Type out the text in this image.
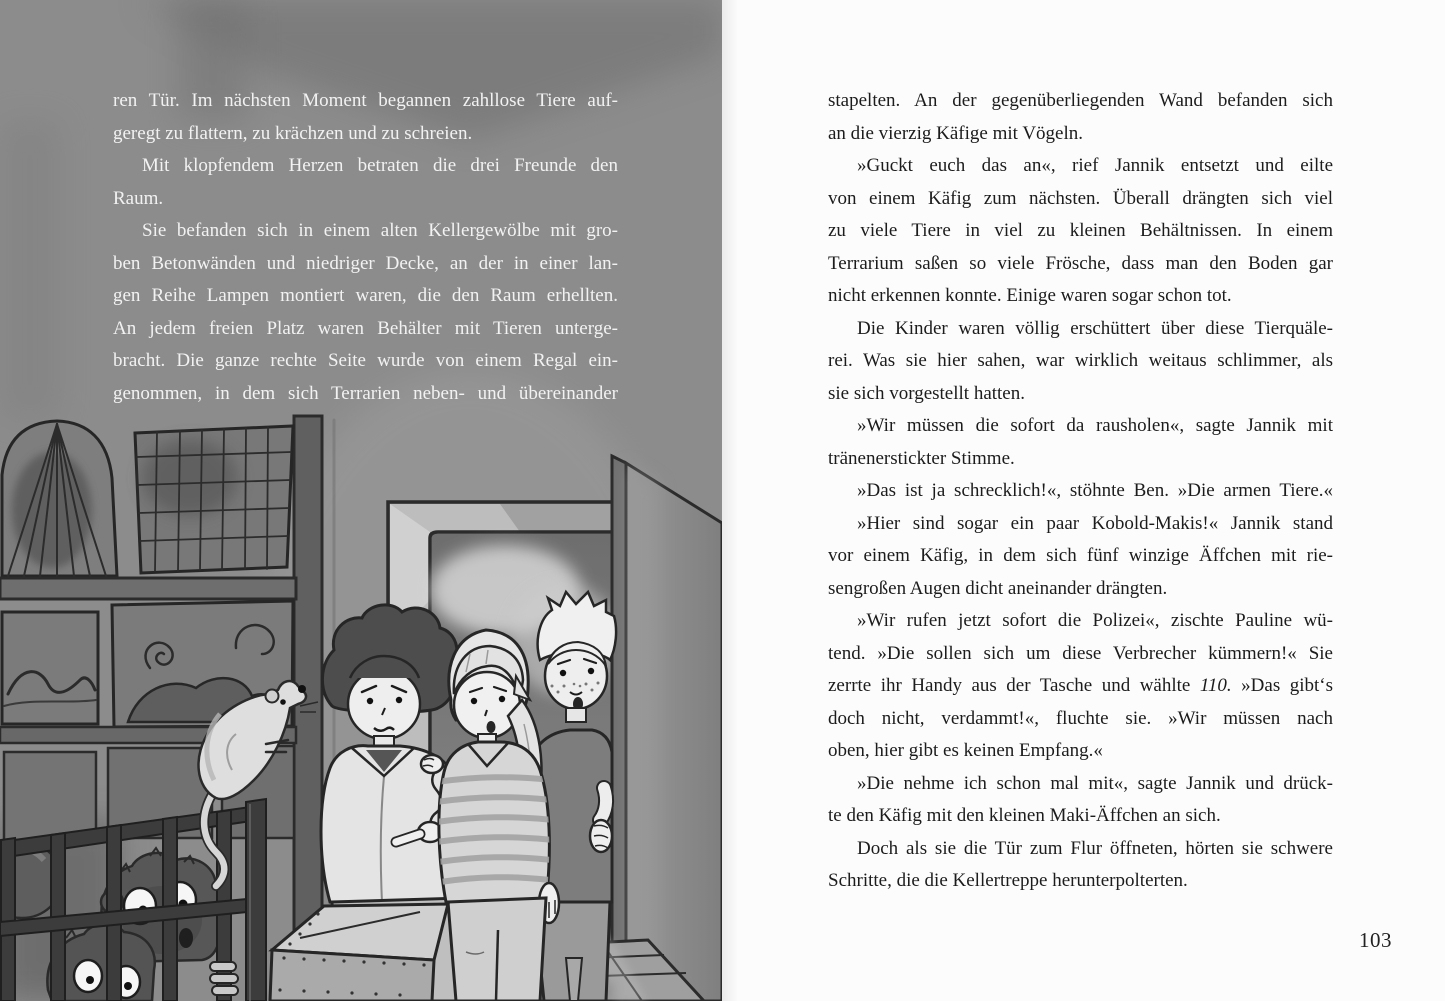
ren Tür. Im nächsten Moment begannen zahllose Tiere auf-
geregt zu flattern, zu krächzen und zu schreien.
Mit klopfendem Herzen betraten die drei Freunde den
Raum.
Sie befanden sich in einem alten Kellergewölbe mit gro-
ben Betonwänden und niedriger Decke, an der in einer lan-
gen Reihe Lampen montiert waren, die den Raum erhellten.
An jedem freien Platz waren Behälter mit Tieren unterge-
bracht. Die ganze rechte Seite wurde von einem Regal ein-
genommen, in dem sich Terrarien neben- und übereinander
stapelten. An der gegenüberliegenden Wand befanden sich
an die vierzig Käfige mit Vögeln.
»Guckt euch das an«, rief Jannik entsetzt und eilte
von einem Käfig zum nächsten. Überall drängten sich viel
zu viele Tiere in viel zu kleinen Behältnissen. In einem
Terrarium saßen so viele Frösche, dass man den Boden gar
nicht erkennen konnte. Einige waren sogar schon tot.
Die Kinder waren völlig erschüttert über diese Tierquäle-
rei. Was sie hier sahen, war wirklich weitaus schlimmer, als
sie sich vorgestellt hatten.
»Wir müssen die sofort da rausholen«, sagte Jannik mit
tränenerstickter Stimme.
»Das ist ja schrecklich!«, stöhnte Ben. »Die armen Tiere.«
»Hier sind sogar ein paar Kobold-Makis!« Jannik stand
vor einem Käfig, in dem sich fünf winzige Äffchen mit rie-
sengroßen Augen dicht aneinander drängten.
»Wir rufen jetzt sofort die Polizei«, zischte Pauline wü-
tend. »Die sollen sich um diese Verbrecher kümmern!« Sie
zerrte ihr Handy aus der Tasche und wählte 110. »Das gibt‘s
doch nicht, verdammt!«, fluchte sie. »Wir müssen nach
oben, hier gibt es keinen Empfang.«
»Die nehme ich schon mal mit«, sagte Jannik und drück-
te den Käfig mit den kleinen Maki-Äffchen an sich.
Doch als sie die Tür zum Flur öffneten, hörten sie schwere
Schritte, die die Kellertreppe herunterpolterten.
103
